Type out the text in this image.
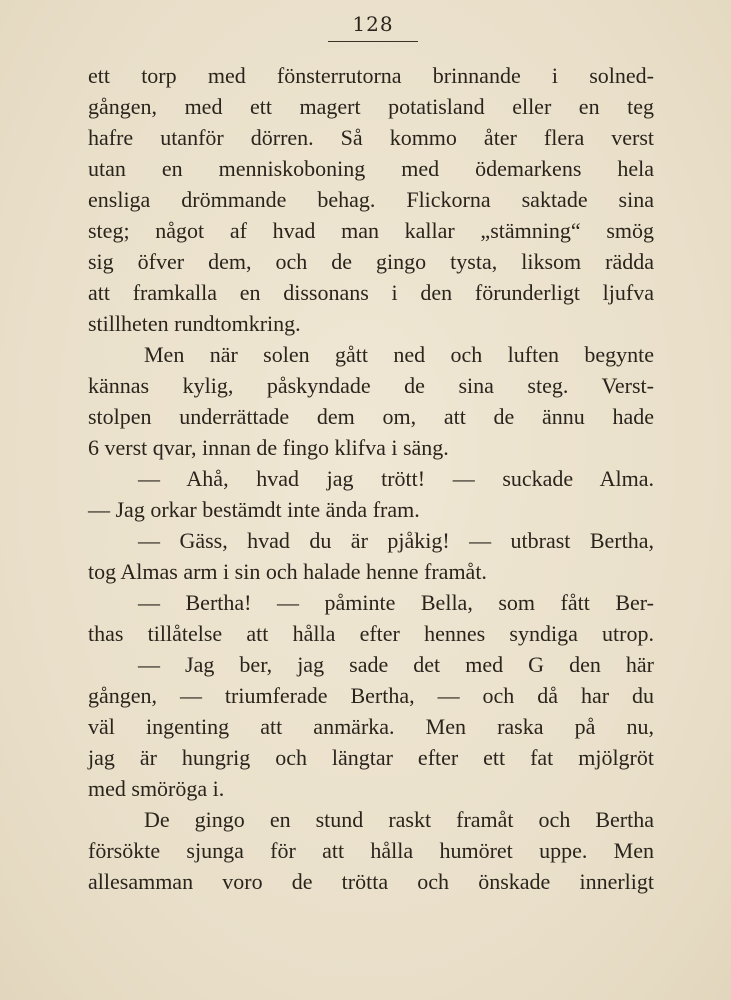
128
ett torp med fönsterrutorna brinnande i solned-
gången, med ett magert potatisland eller en teg
hafre utanför dörren. Så kommo åter flera verst
utan en menniskoboning med ödemarkens hela
ensliga drömmande behag. Flickorna saktade sina
steg; något af hvad man kallar „stämning“ smög
sig öfver dem, och de gingo tysta, liksom rädda
att framkalla en dissonans i den förunderligt ljufva
stillheten rundtomkring.
Men när solen gått ned och luften begynte
kännas kylig, påskyndade de sina steg. Verst-
stolpen underrättade dem om, att de ännu hade
6 verst qvar, innan de fingo klifva i säng.
— Ahå, hvad jag trött! — suckade Alma.
— Jag orkar bestämdt inte ända fram.
— Gäss, hvad du är pjåkig! — utbrast Bertha,
tog Almas arm i sin och halade henne framåt.
— Bertha! — påminte Bella, som fått Ber-
thas tillåtelse att hålla efter hennes syndiga utrop.
— Jag ber, jag sade det med G den här
gången, — triumferade Bertha, — och då har du
väl ingenting att anmärka. Men raska på nu,
jag är hungrig och längtar efter ett fat mjölgröt
med smöröga i.
De gingo en stund raskt framåt och Bertha
försökte sjunga för att hålla humöret uppe. Men
allesamman voro de trötta och önskade innerligt
